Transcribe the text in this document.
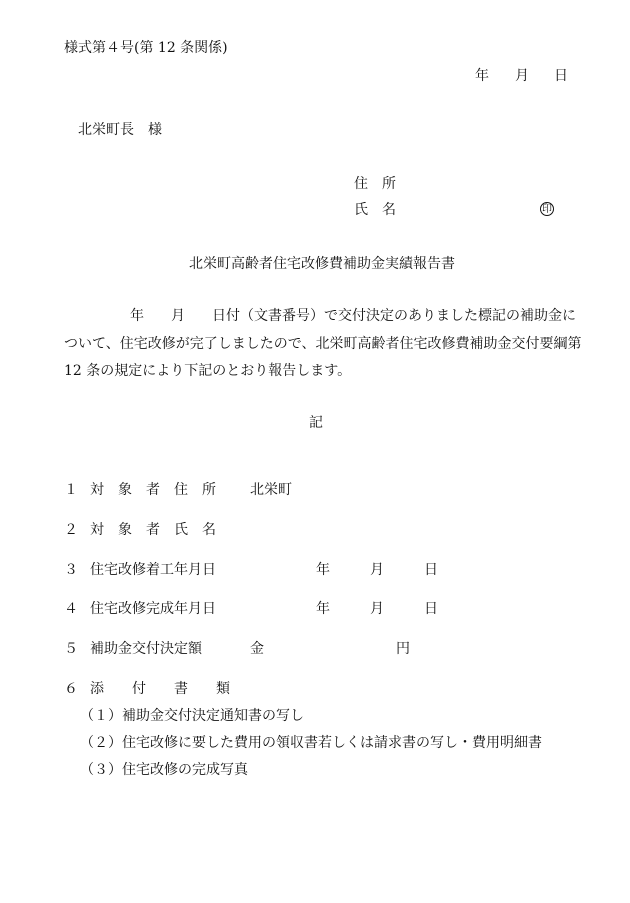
様式第４号(第 12 条関係)
年 月 日
北栄町長　様
住　所
氏　名	印
北栄町高齢者住宅改修費補助金実績報告書
年 月 日付（文書番号）で交付決定のありました標記の補助金に
ついて、住宅改修が完了しましたので、北栄町高齢者住宅改修費補助金交付要綱第
12 条の規定により下記のとおり報告します。
記
１ 対　象　者　住　所 北栄町
２ 対　象　者　氏　名
３ 住宅改修着工年月日	年	月	日
４ 住宅改修完成年月日	年	月	日
５ 補助金交付決定額	金	円
６ 添　　付　　書　　類
（１）補助金交付決定通知書の写し
（２）住宅改修に要した費用の領収書若しくは請求書の写し・費用明細書
（３）住宅改修の完成写真
